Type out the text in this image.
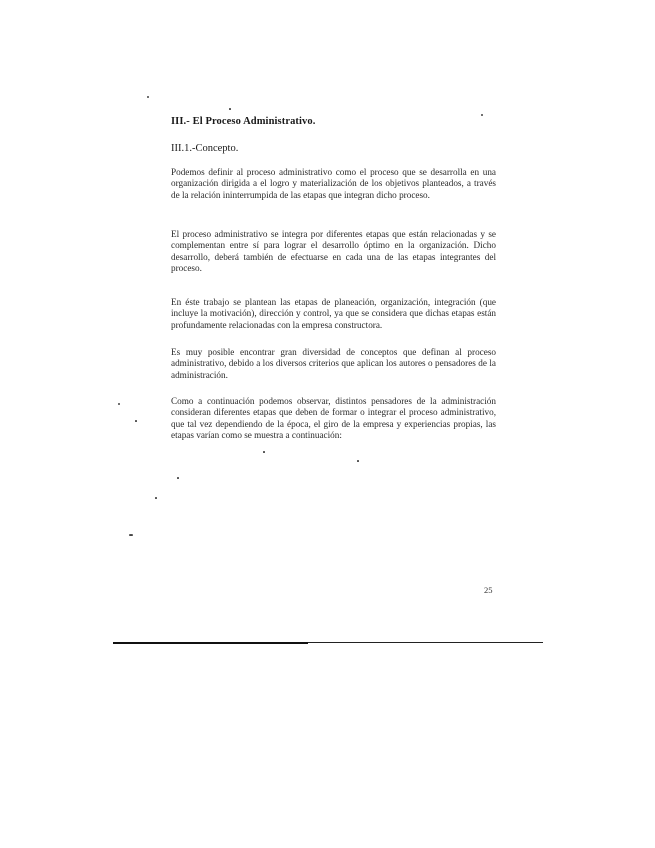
III.- El Proceso Administrativo.
III.1.-Concepto.

Podemos definir al proceso administrativo como el proceso que se desarrolla en una organización dirigida a el logro y materialización de los objetivos planteados, a través de la relación ininterrumpida de las etapas que integran dicho proceso.

El proceso administrativo se integra por diferentes etapas que están relacionadas y se complementan entre sí para lograr el desarrollo óptimo en la organización. Dicho desarrollo, deberá también de efectuarse en cada una de las etapas integrantes del proceso.

En éste trabajo se plantean las etapas de planeación, organización, integración (que incluye la motivación), dirección y control, ya que se considera que dichas etapas están profundamente relacionadas con la empresa constructora.

Es muy posible encontrar gran diversidad de conceptos que definan al proceso administrativo, debido a los diversos criterios que aplican los autores o pensadores de la administración.

Como a continuación podemos observar, distintos pensadores de la administración consideran diferentes etapas que deben de formar o integrar el proceso administrativo, que tal vez dependiendo de la época, el giro de la empresa y experiencias propias, las etapas varían como se muestra a continuación:

25
